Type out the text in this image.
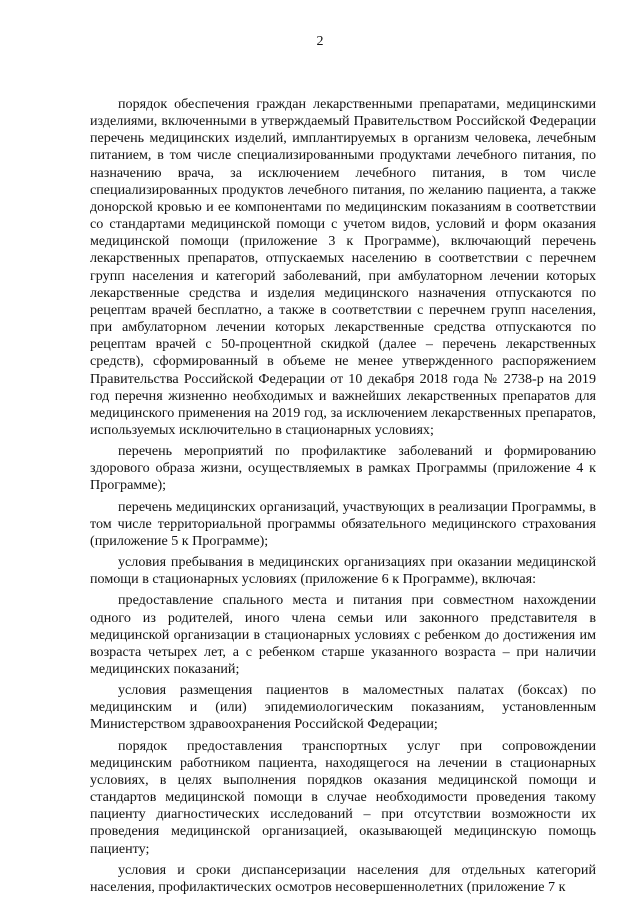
2

порядок обеспечения граждан лекарственными препаратами, медицинскими изделиями, включенными в утверждаемый Правительством Российской Федерации перечень медицинских изделий, имплантируемых в организм человека, лечебным питанием, в том числе специализированными продуктами лечебного питания, по назначению врача, за исключением лечебного питания, в том числе специализированных продуктов лечебного питания, по желанию пациента, а также донорской кровью и ее компонентами по медицинским показаниям в соответствии со стандартами медицинской помощи с учетом видов, условий и форм оказания медицинской помощи (приложение 3 к Программе), включающий перечень лекарственных препаратов, отпускаемых населению в соответствии с перечнем групп населения и категорий заболеваний, при амбулаторном лечении которых лекарственные средства и изделия медицинского назначения отпускаются по рецептам врачей бесплатно, а также в соответствии с перечнем групп населения, при амбулаторном лечении которых лекарственные средства отпускаются по рецептам врачей с 50-процентной скидкой (далее – перечень лекарственных средств), сформированный в объеме не менее утвержденного распоряжением Правительства Российской Федерации от 10 декабря 2018 года № 2738-р на 2019 год перечня жизненно необходимых и важнейших лекарственных препаратов для медицинского применения на 2019 год, за исключением лекарственных препаратов, используемых исключительно в стационарных условиях;

перечень мероприятий по профилактике заболеваний и формированию здорового образа жизни, осуществляемых в рамках Программы (приложение 4 к Программе);

перечень медицинских организаций, участвующих в реализации Программы, в том числе территориальной программы обязательного медицинского страхования (приложение 5 к Программе);

условия пребывания в медицинских организациях при оказании медицинской помощи в стационарных условиях (приложение 6 к Программе), включая:

предоставление спального места и питания при совместном нахождении одного из родителей, иного члена семьи или законного представителя в медицинской организации в стационарных условиях с ребенком до достижения им возраста четырех лет, а с ребенком старше указанного возраста – при наличии медицинских показаний;

условия размещения пациентов в маломестных палатах (боксах) по медицинским и (или) эпидемиологическим показаниям, установленным Министерством здравоохранения Российской Федерации;

порядок предоставления транспортных услуг при сопровождении медицинским работником пациента, находящегося на лечении в стационарных условиях, в целях выполнения порядков оказания медицинской помощи и стандартов медицинской помощи в случае необходимости проведения такому пациенту диагностических исследований – при отсутствии возможности их проведения медицинской организацией, оказывающей медицинскую помощь пациенту;

условия и сроки диспансеризации населения для отдельных категорий населения, профилактических осмотров несовершеннолетних (приложение 7 к
